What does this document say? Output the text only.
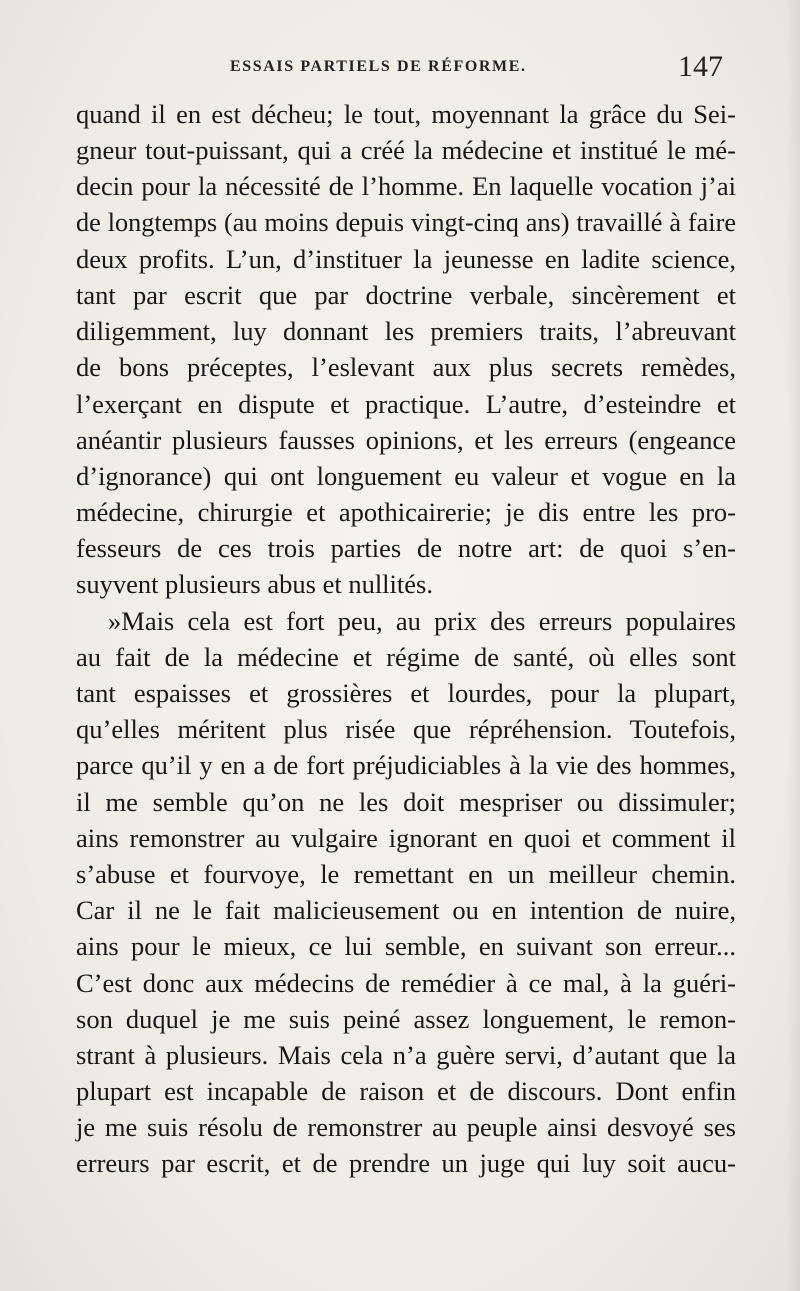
ESSAIS PARTIELS DE RÉFORME.	147
quand il en est décheu; le tout, moyennant la grâce du Sei-
gneur tout-puissant, qui a créé la médecine et institué le mé-
decin pour la nécessité de l’homme. En laquelle vocation j’ai
de longtemps (au moins depuis vingt-cinq ans) travaillé à faire
deux profits. L’un, d’instituer la jeunesse en ladite science,
tant par escrit que par doctrine verbale, sincèrement et
diligemment, luy donnant les premiers traits, l’abreuvant
de bons préceptes, l’eslevant aux plus secrets remèdes,
l’exerçant en dispute et practique. L’autre, d’esteindre et
anéantir plusieurs fausses opinions, et les erreurs (engeance
d’ignorance) qui ont longuement eu valeur et vogue en la
médecine, chirurgie et apothicairerie; je dis entre les pro-
fesseurs de ces trois parties de notre art: de quoi s’en-
suyvent plusieurs abus et nullités.
»Mais cela est fort peu, au prix des erreurs populaires
au fait de la médecine et régime de santé, où elles sont
tant espaisses et grossières et lourdes, pour la plupart,
qu’elles méritent plus risée que répréhension. Toutefois,
parce qu’il y en a de fort préjudiciables à la vie des hommes,
il me semble qu’on ne les doit mespriser ou dissimuler;
ains remonstrer au vulgaire ignorant en quoi et comment il
s’abuse et fourvoye, le remettant en un meilleur chemin.
Car il ne le fait malicieusement ou en intention de nuire,
ains pour le mieux, ce lui semble, en suivant son erreur...
C’est donc aux médecins de remédier à ce mal, à la guéri-
son duquel je me suis peiné assez longuement, le remon-
strant à plusieurs. Mais cela n’a guère servi, d’autant que la
plupart est incapable de raison et de discours. Dont enfin
je me suis résolu de remonstrer au peuple ainsi desvoyé ses
erreurs par escrit, et de prendre un juge qui luy soit aucu-
